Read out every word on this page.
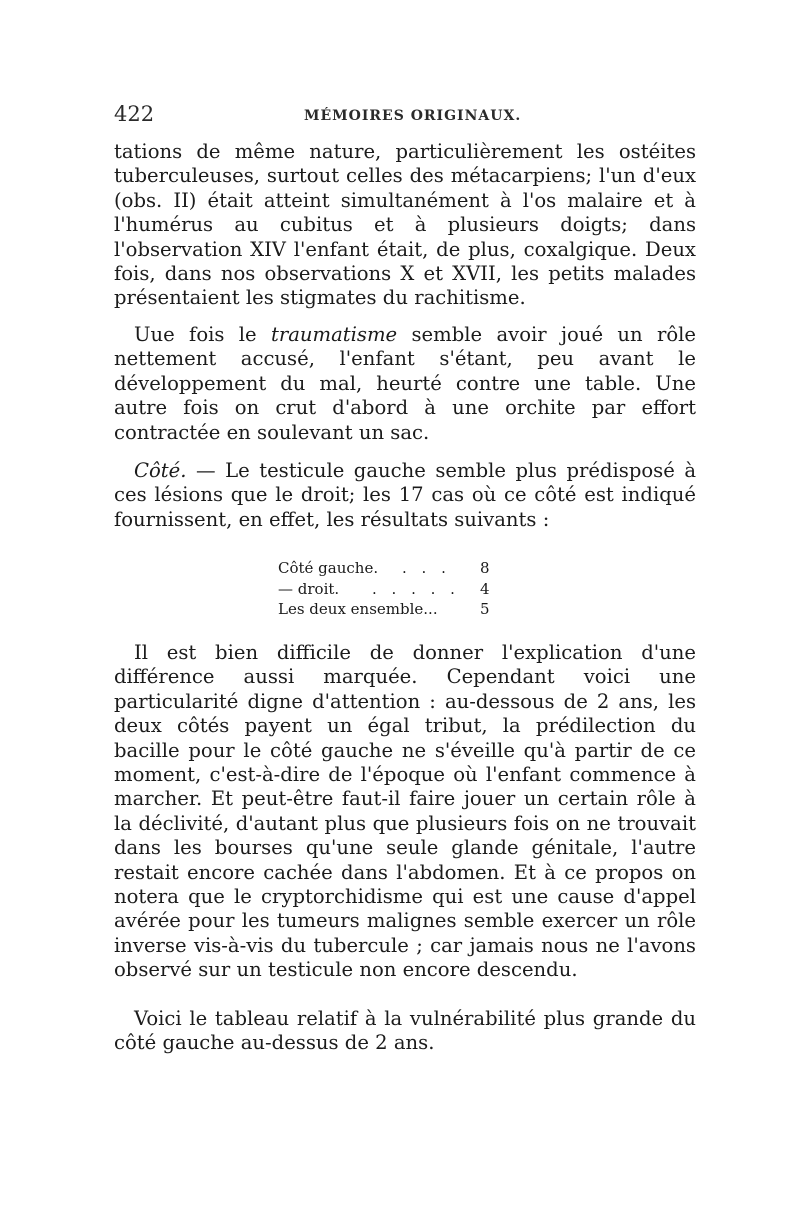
422	MÉMOIRES ORIGINAUX.

tations de même nature, particulièrement les ostéites tuberculeuses, surtout celles des métacarpiens; l'un d'eux (obs. II) était atteint simultanément à l'os malaire et à l'humérus au cubitus et à plusieurs doigts; dans l'observation XIV l'enfant était, de plus, coxalgique. Deux fois, dans nos observations X et XVII, les petits malades présentaient les stigmates du rachitisme.

Uue fois le traumatisme semble avoir joué un rôle nettement accusé, l'enfant s'étant, peu avant le développement du mal, heurté contre une table. Une autre fois on crut d'abord à une orchite par effort contractée en soulevant un sac.

Côté. — Le testicule gauche semble plus prédisposé à ces lésions que le droit; les 17 cas où ce côté est indiqué fournissent, en effet, les résultats suivants :

Côté gauche. . . . 8
— droit. . . . . . 4
Les deux ensemble...	5

Il est bien difficile de donner l'explication d'une différence aussi marquée. Cependant voici une particularité digne d'attention : au-dessous de 2 ans, les deux côtés payent un égal tribut, la prédilection du bacille pour le côté gauche ne s'éveille qu'à partir de ce moment, c'est-à-dire de l'époque où l'enfant commence à marcher. Et peut-être faut-il faire jouer un certain rôle à la déclivité, d'autant plus que plusieurs fois on ne trouvait dans les bourses qu'une seule glande génitale, l'autre restait encore cachée dans l'abdomen. Et à ce propos on notera que le cryptorchidisme qui est une cause d'appel avérée pour les tumeurs malignes semble exercer un rôle inverse vis-à-vis du tubercule ; car jamais nous ne l'avons observé sur un testicule non encore descendu.

Voici le tableau relatif à la vulnérabilité plus grande du côté gauche au-dessus de 2 ans.
